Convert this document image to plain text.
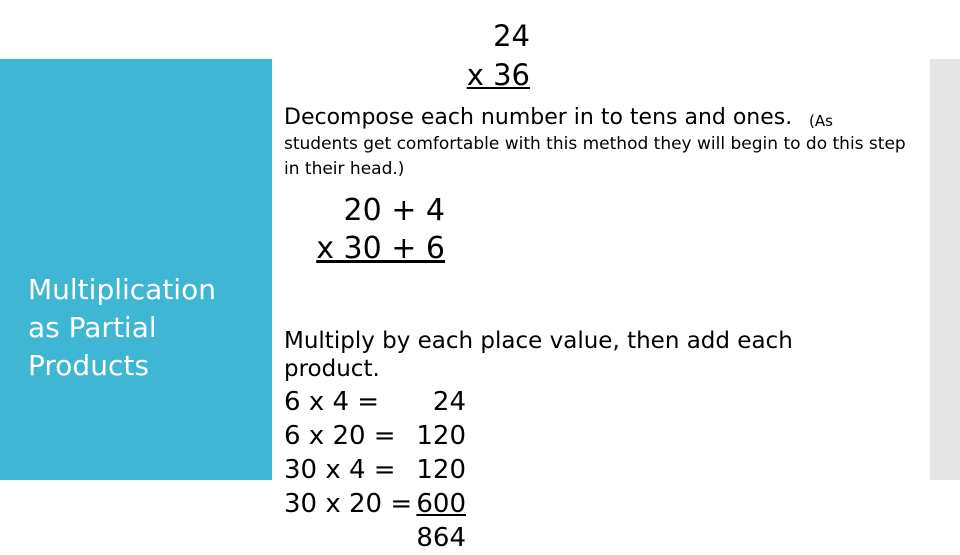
Multiplication
as Partial
Products
24
x 36
Decompose each number in to tens and ones.	(As
students get comfortable with this method they will begin to do this step in their head.)
20 + 4
x 30 + 6
Multiply by each place value, then add each product.
6 x 4 =	24
6 x 20 = 120
30 x 4 = 120
30 x 20 = 600
864
